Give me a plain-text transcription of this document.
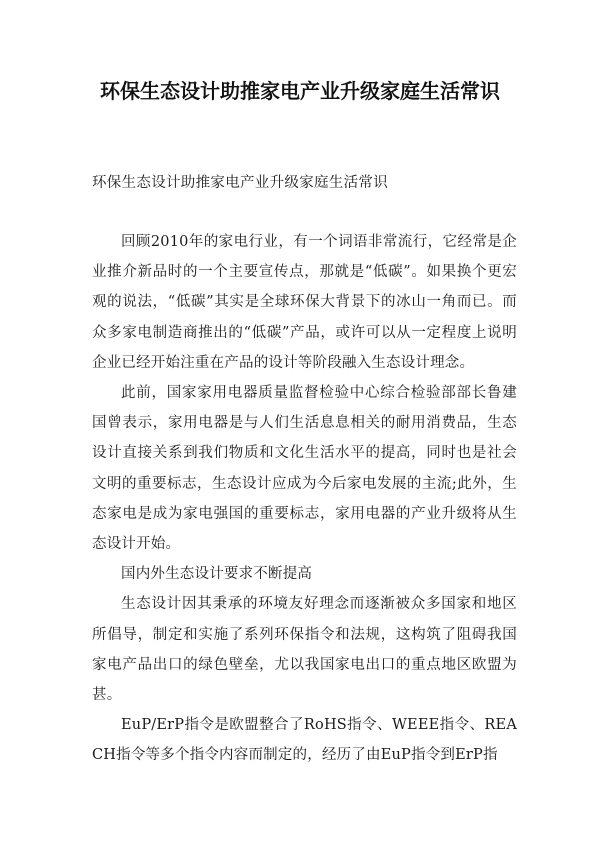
环保生态设计助推家电产业升级家庭生活常识

环保生态设计助推家电产业升级家庭生活常识

回顾2010年的家电行业，有一个词语非常流行，它经常是企业推介新品时的一个主要宣传点，那就是“低碳”。如果换个更宏观的说法，“低碳”其实是全球环保大背景下的冰山一角而已。而众多家电制造商推出的“低碳”产品，或许可以从一定程度上说明企业已经开始注重在产品的设计等阶段融入生态设计理念。

此前，国家家用电器质量监督检验中心综合检验部部长鲁建国曾表示，家用电器是与人们生活息息相关的耐用消费品，生态设计直接关系到我们物质和文化生活水平的提高，同时也是社会文明的重要标志，生态设计应成为今后家电发展的主流;此外，生态家电是成为家电强国的重要标志，家用电器的产业升级将从生态设计开始。

国内外生态设计要求不断提高

生态设计因其秉承的环境友好理念而逐渐被众多国家和地区所倡导，制定和实施了系列环保指令和法规，这构筑了阻碍我国家电产品出口的绿色壁垒，尤以我国家电出口的重点地区欧盟为甚。

EuP/ErP指令是欧盟整合了RoHS指令、WEEE指令、REACH指令等多个指令内容而制定的，经历了由EuP指令到ErP指
